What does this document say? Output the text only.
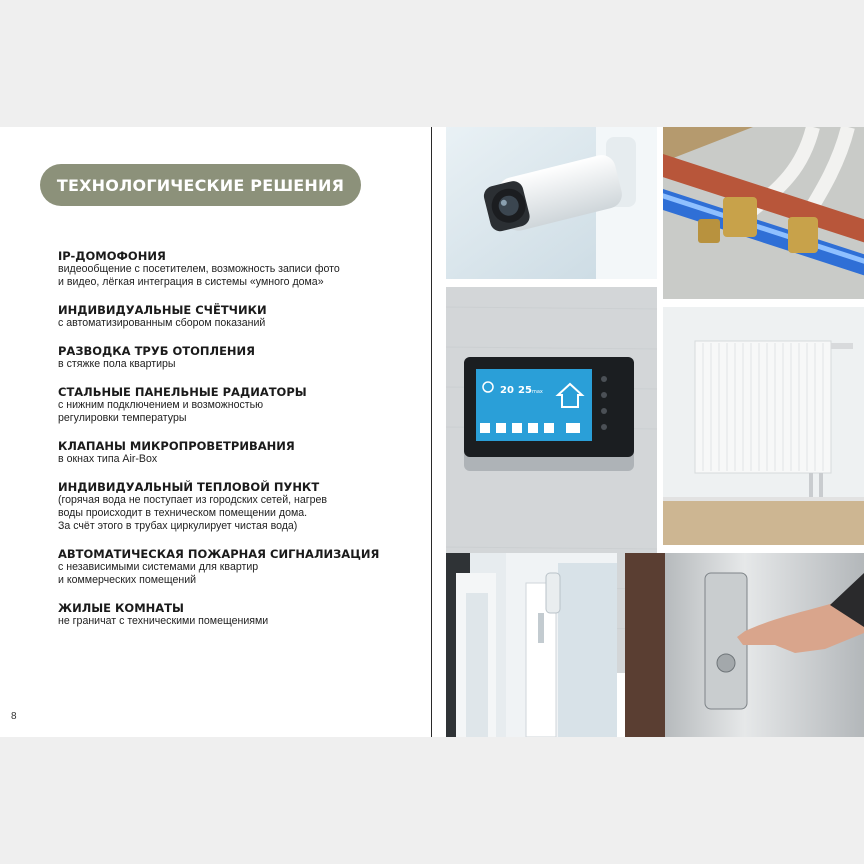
ТЕХНОЛОГИЧЕСКИЕ РЕШЕНИЯ
IP-ДОМОФОНИЯ
видеообщение с посетителем, возможность записи фото
и видео, лёгкая интеграция в системы «умного дома»
ИНДИВИДУАЛЬНЫЕ СЧЁТЧИКИ
с автоматизированным сбором показаний
РАЗВОДКА ТРУБ ОТОПЛЕНИЯ
в стяжке пола квартиры
СТАЛЬНЫЕ ПАНЕЛЬНЫЕ РАДИАТОРЫ
с нижним подключением и возможностью
регулировки температуры
КЛАПАНЫ МИКРОПРОВЕТРИВАНИЯ
в окнах типа Air-Box
ИНДИВИДУАЛЬНЫЙ ТЕПЛОВОЙ ПУНКТ
(горячая вода не поступает из городских сетей, нагрев
воды происходит в техническом помещении дома.
За счёт этого в трубах циркулирует чистая вода)
АВТОМАТИЧЕСКАЯ ПОЖАРНАЯ СИГНАЛИЗАЦИЯ
с независимыми системами для квартир
и коммерческих помещений
ЖИЛЫЕ КОМНАТЫ
не граничат с техническими помещениями
8
20 25 max
